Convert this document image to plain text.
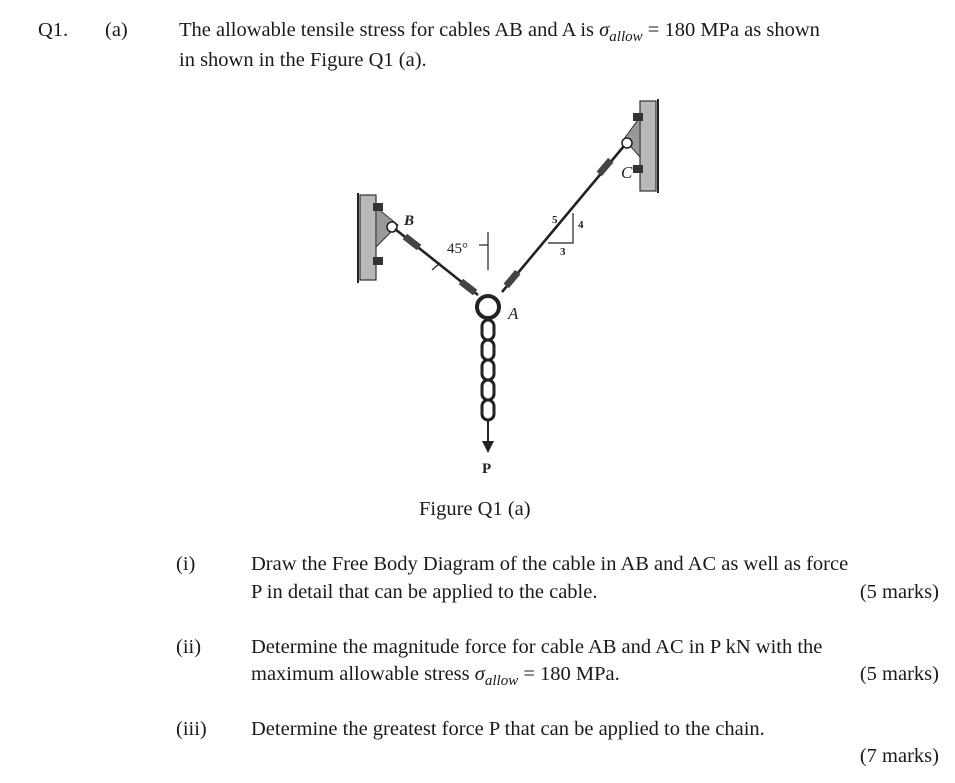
Q1. (a) The allowable tensile stress for cables AB and A is $\sigma_{allow} = 180$ MPa as shown
in shown in the Figure Q1 (a).
B
C
A
P
45°
5 4
3
Figure Q1 (a)
(i)	Draw the Free Body Diagram of the cable in AB and AC as well as force
P in detail that can be applied to the cable.	(5 marks)
(ii) Determine the magnitude force for cable AB and AC in P kN with the
maximum allowable stress $\sigma_{allow} = 180$ MPa.	(5 marks)
(iii) Determine the greatest force P that can be applied to the chain.
(7 marks)
